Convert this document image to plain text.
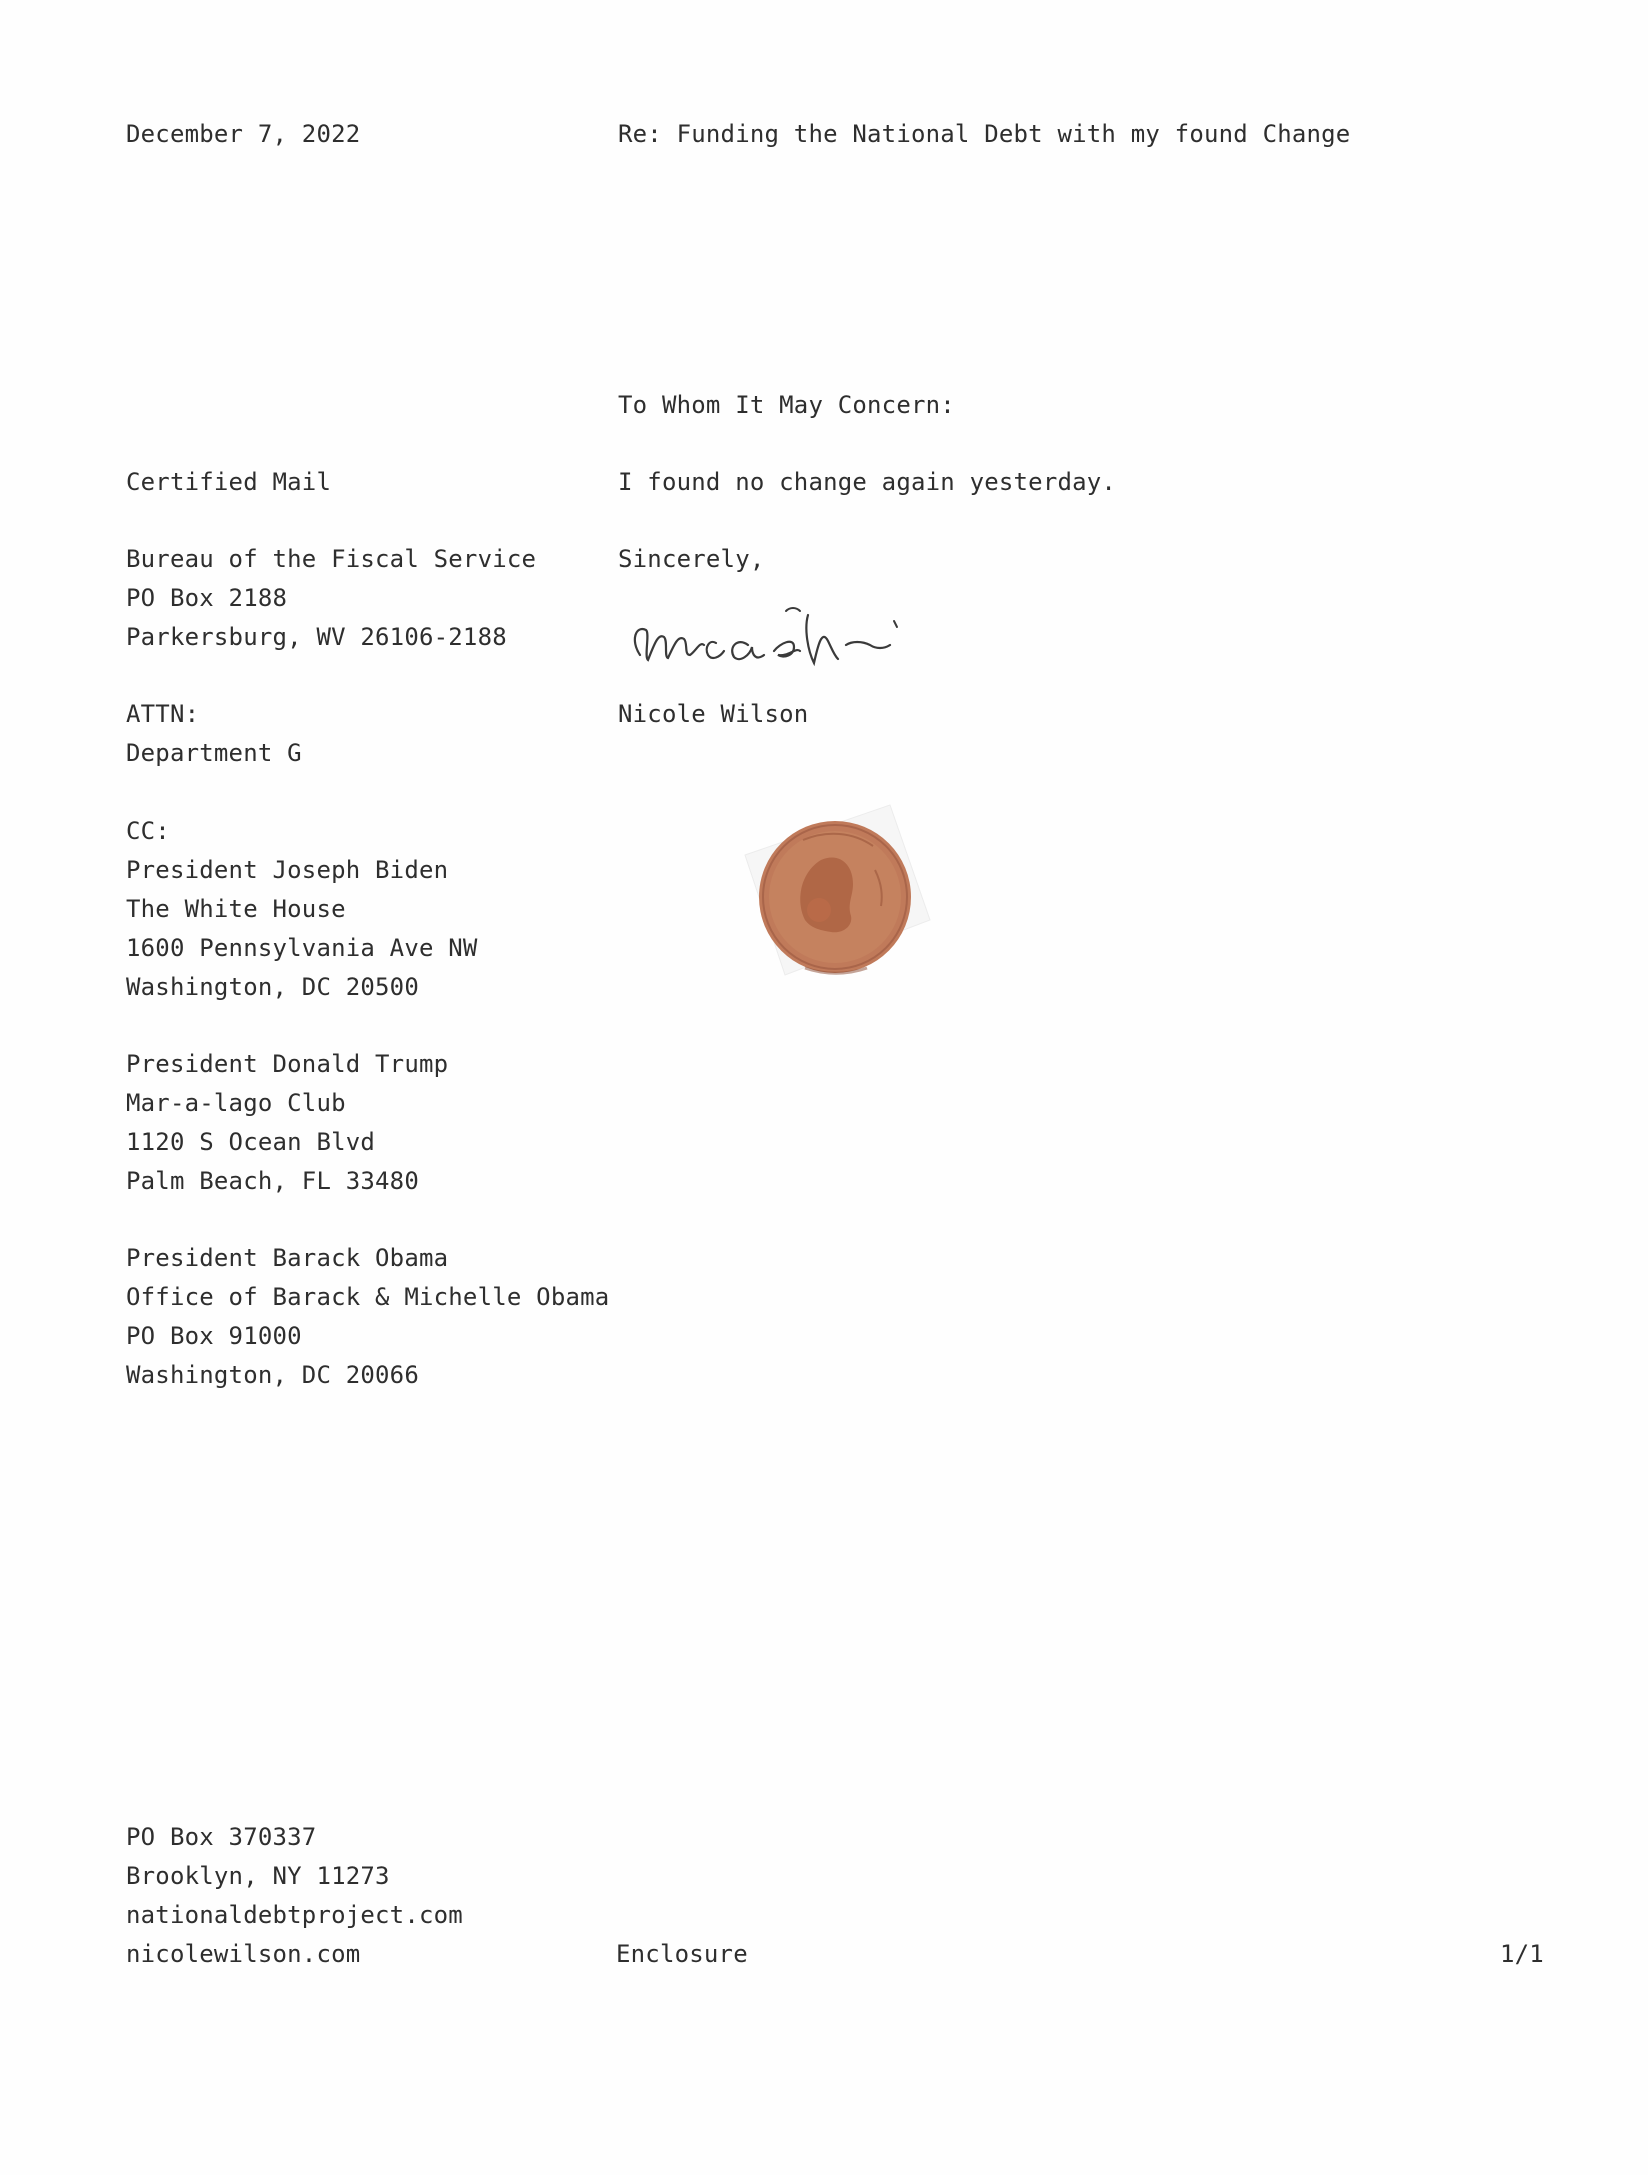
December 7, 2022	Re: Funding the National Debt with my found Change
To Whom It May Concern:
I found no change again yesterday.
Sincerely,
Nicole Wilson
Certified Mail
Bureau of the Fiscal Service
PO Box 2188
Parkersburg, WV 26106-2188
ATTN:
Department G
CC:
President Joseph Biden
The White House
1600 Pennsylvania Ave NW
Washington, DC 20500
President Donald Trump
Mar-a-lago Club
1120 S Ocean Blvd
Palm Beach, FL 33480
President Barack Obama
Office of Barack & Michelle Obama
PO Box 91000
Washington, DC 20066
PO Box 370337
Brooklyn, NY 11273
nationaldebtproject.com
nicolewilson.com	Enclosure	1/1
